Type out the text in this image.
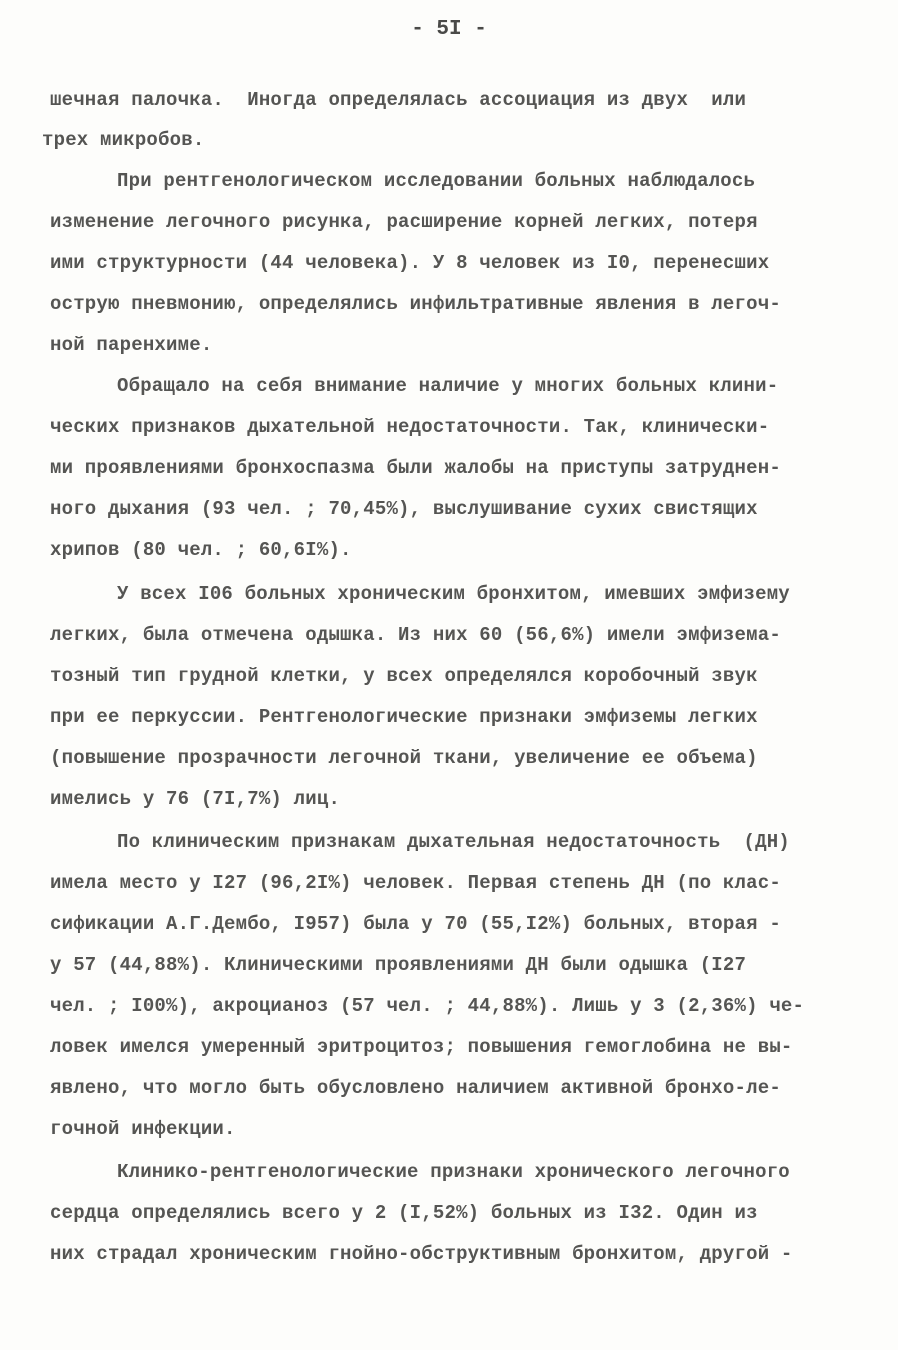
- 5I -
шечная палочка.  Иногда определялась ассоциация из двух  или
трех микробов.
При рентгенологическом исследовании больных наблюдалось
изменение легочного рисунка, расширение корней легких, потеря
ими структурности (44 человека). У 8 человек из I0, перенесших
острую пневмонию, определялись инфильтративные явления в легоч-
ной паренхиме.
Обращало на себя внимание наличие у многих больных клини-
ческих признаков дыхательной недостаточности. Так, клинически-
ми проявлениями бронхоспазма были жалобы на приступы затруднен-
ного дыхания (93 чел. ; 70,45%), выслушивание сухих свистящих
хрипов (80 чел. ; 60,6I%).
У всех I06 больных хроническим бронхитом, имевших эмфизему
легких, была отмечена одышка. Из них 60 (56,6%) имели эмфизема-
тозный тип грудной клетки, у всех определялся коробочный звук
при ее перкуссии. Рентгенологические признаки эмфиземы легких
(повышение прозрачности легочной ткани, увеличение ее объема)
имелись у 76 (7I,7%) лиц.
По клиническим признакам дыхательная недостаточность  (ДН)
имела место у I27 (96,2I%) человек. Первая степень ДН (по клас-
сификации А.Г.Дембо, I957) была у 70 (55,I2%) больных, вторая -
у 57 (44,88%). Клиническими проявлениями ДН были одышка (I27
чел. ; I00%), акроцианоз (57 чел. ; 44,88%). Лишь у 3 (2,36%) че-
ловек имелся умеренный эритроцитоз; повышения гемоглобина не вы-
явлено, что могло быть обусловлено наличием активной бронхо-ле-
гочной инфекции.
Клинико-рентгенологические признаки хронического легочного
сердца определялись всего у 2 (I,52%) больных из I32. Один из
них страдал хроническим гнойно-обструктивным бронхитом, другой -
